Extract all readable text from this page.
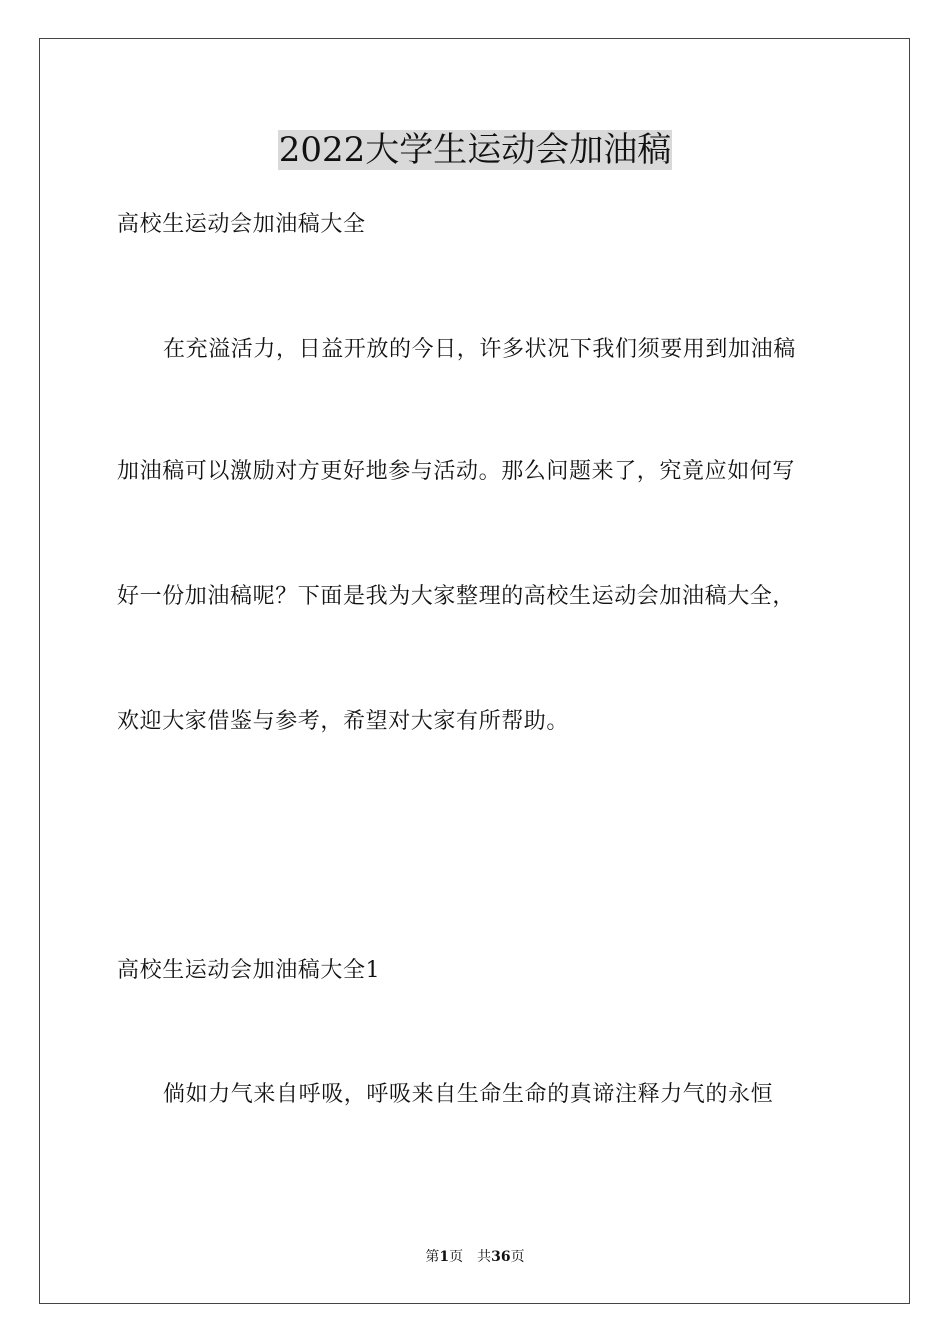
2022大学生运动会加油稿
高校生运动会加油稿大全
在充溢活力，日益开放的今日，许多状况下我们须要用到加油稿
加油稿可以激励对方更好地参与活动。那么问题来了，究竟应如何写
好一份加油稿呢？下面是我为大家整理的高校生运动会加油稿大全，
欢迎大家借鉴与参考，希望对大家有所帮助。
高校生运动会加油稿大全1
倘如力气来自呼吸，呼吸来自生命生命的真谛注释力气的永恒
第1页 共36页
